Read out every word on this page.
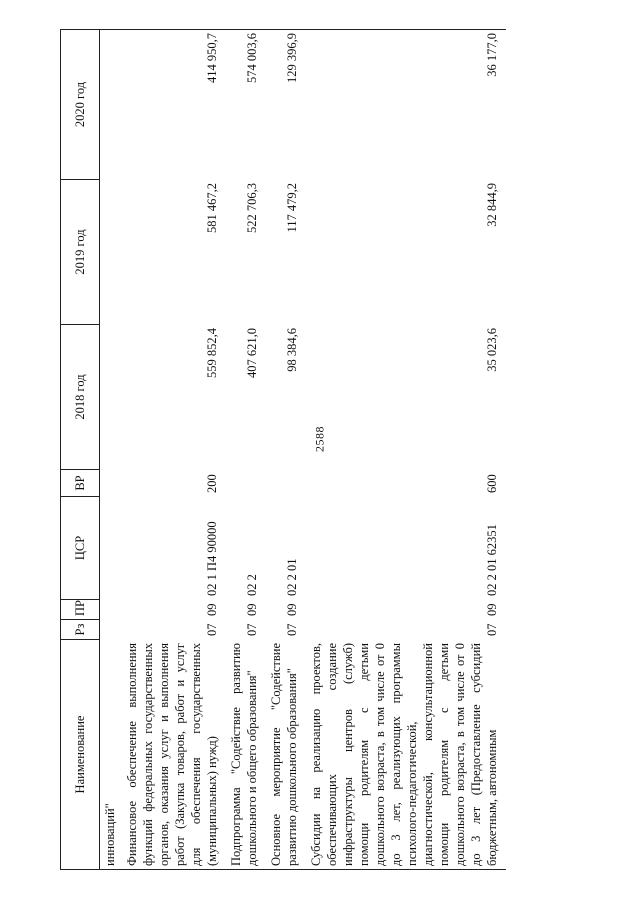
2588
Наименование	Рз	ПР	ЦСР	ВР	2018 год	2019 год	2020 год
инноваций"							
Финансовое обеспечение выполнения функций федеральных государственных органов, оказания услуг и выполнения работ (Закупка товаров, работ и услуг для обеспечения государственных (муниципальных) нужд)	07	09	02 1 П4 90000	200	559 852,4	581 467,2	414 950,7
Подпрограмма "Содействие развитию дошкольного и общего образования"	07	09	02 2		407 621,0	522 706,3	574 003,6
Основное мероприятие "Содействие развитию дошкольного образования"	07	09	02 2 01		98 384,6	117 479,2	129 396,9
Субсидии на реализацию проектов, обеспечивающих создание инфраструктуры центров (служб) помощи родителям с детьми дошкольного возраста, в том числе от 0 до 3 лет, реализующих программы психолого-педагогической, диагностической, консультационной помощи родителям с детьми дошкольного возраста, в том числе от 0 до 3 лет (Предоставление субсидий бюджетным, автономным	07	09	02 2 01 62351	600	35 023,6	32 844,9	36 177,0
